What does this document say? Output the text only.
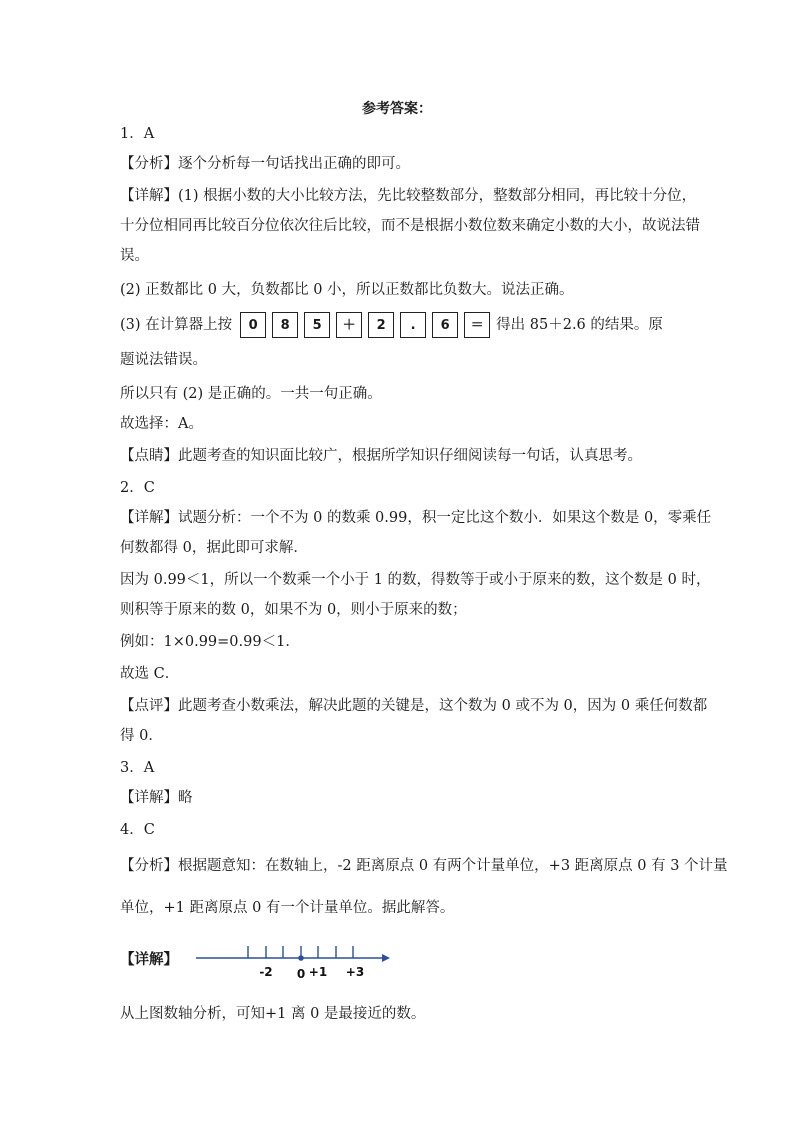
参考答案：
1．A
【分析】逐个分析每一句话找出正确的即可。
【详解】(1) 根据小数的大小比较方法，先比较整数部分，整数部分相同，再比较十分位，
十分位相同再比较百分位依次往后比较，而不是根据小数位数来确定小数的大小，故说法错
误。
(2) 正数都比 0 大，负数都比 0 小，所以正数都比负数大。说法正确。
(3) 在计算器上按	0	8	5	＋	2	.	6	＝ 得出 85＋2.6 的结果。原
题说法错误。
所以只有 (2) 是正确的。一共一句正确。
故选择：A。
【点睛】此题考查的知识面比较广，根据所学知识仔细阅读每一句话，认真思考。
2．C
【详解】试题分析：一个不为 0 的数乘 0.99，积一定比这个数小．如果这个数是 0，零乘任
何数都得 0，据此即可求解．
因为 0.99＜1，所以一个数乘一个小于 1 的数，得数等于或小于原来的数，这个数是 0 时，
则积等于原来的数 0，如果不为 0，则小于原来的数；
例如：1×0.99=0.99＜1．
故选 C．
【点评】此题考查小数乘法，解决此题的关键是，这个数为 0 或不为 0，因为 0 乘任何数都
得 0．
3．A
【详解】略
4．C
【分析】根据题意知：在数轴上，-2 距离原点 0 有两个计量单位，+3 距离原点 0 有 3 个计量
单位，+1 距离原点 0 有一个计量单位。据此解答。
【详解】
-2 0 +1 +3
从上图数轴分析，可知+1 离 0 是最接近的数。
